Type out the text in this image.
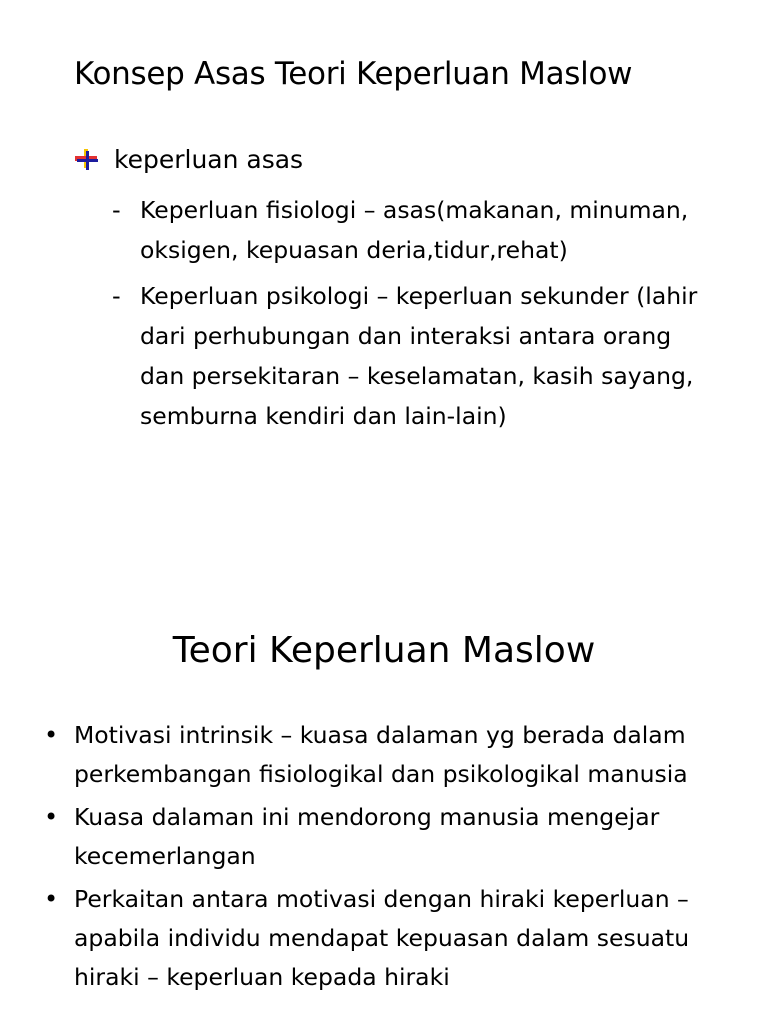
Konsep Asas Teori Keperluan Maslow
keperluan asas
- Keperluan fisiologi – asas(makanan, minuman, oksigen, kepuasan deria,tidur,rehat)
- Keperluan psikologi – keperluan sekunder (lahir dari perhubungan dan interaksi antara orang dan persekitaran – keselamatan, kasih sayang, semburna kendiri dan lain-lain)
Teori Keperluan Maslow
• Motivasi intrinsik – kuasa dalaman yg berada dalam perkembangan fisiologikal dan psikologikal manusia
• Kuasa dalaman ini mendorong manusia mengejar kecemerlangan
• Perkaitan antara motivasi dengan hiraki keperluan – apabila individu mendapat kepuasan dalam sesuatu hiraki – keperluan kepada hiraki
